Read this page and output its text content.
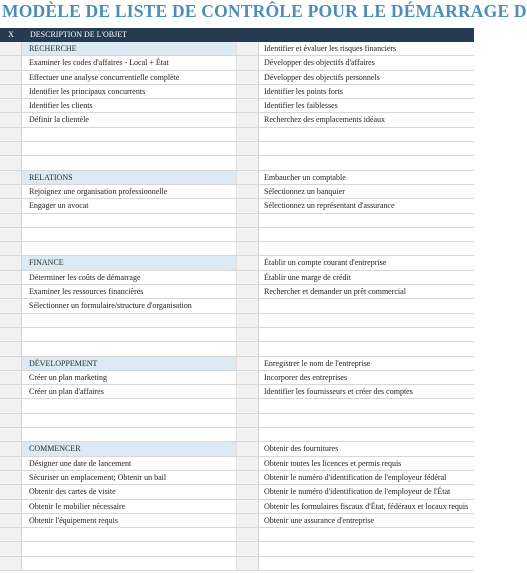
MODÈLE DE LISTE DE CONTRÔLE POUR LE DÉMARRAGE D
X	DESCRIPTION DE L'OBJET
RECHERCHE	Identifier et évaluer les risques financiers
Examiner les codes d'affaires - Local + État	Développer des objectifs d'affaires
Effectuer une analyse concurrentielle complète	Développer des objectifs personnels
Identifier les principaux concurrents	Identifier les points forts
Identifier les clients	Identifier les faiblesses
Définir la clientèle	Recherchez des emplacements idéaux
RELATIONS	Embaucher un comptable
Rejoignez une organisation professionnelle	Sélectionnez un banquier
Engager un avocat	Sélectionnez un représentant d'assurance
FINANCE	Établir un compte courant d'entreprise
Déterminer les coûts de démarrage	Établir une marge de crédit
Examiner les ressources financières	Rechercher et demander un prêt commercial
Sélectionner un formulaire/structure d'organisation
DÉVELOPPEMENT	Enregistrer le nom de l'entreprise
Créer un plan marketing	Incorporer des entreprises
Créer un plan d'affaires	Identifier les fournisseurs et créer des comptes
COMMENCER	Obtenir des fournitures
Désigner une date de lancement	Obtenir toutes les licences et permis requis
Sécuriser un emplacement; Obtenir un bail	Obtenir le numéro d'identification de l'employeur fédéral
Obtenir des cartes de visite	Obtenir le numéro d'identification de l'employeur de l'État
Obtenir le mobilier nécessaire	Obtenir les formulaires fiscaux d'État, fédéraux et locaux requis
Obtenir l'équipement requis	Obtenir une assurance d'entreprise
